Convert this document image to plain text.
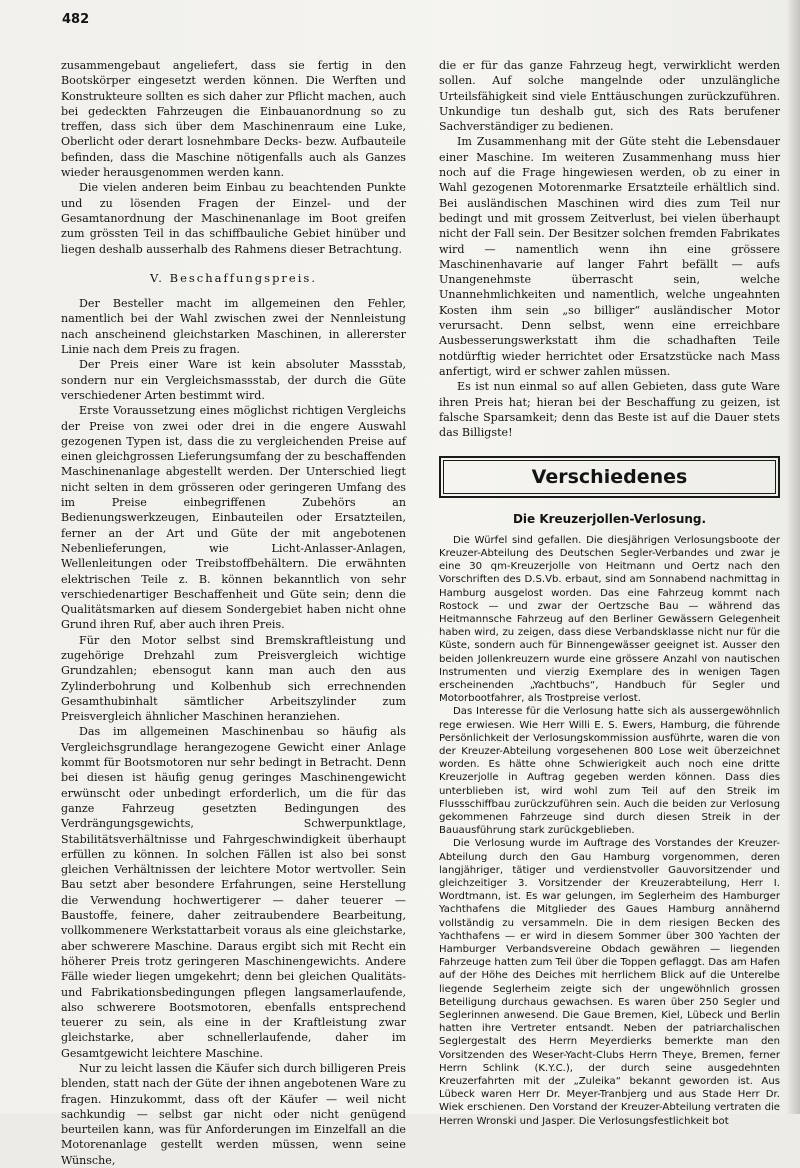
482

zusammengebaut angeliefert, dass sie fertig in den Bootskörper eingesetzt werden können. Die Werften und Konstrukteure sollten es sich daher zur Pflicht machen, auch bei gedeckten Fahrzeugen die Einbauanordnung so zu treffen, dass sich über dem Maschinenraum eine Luke, Oberlicht oder derart losnehmbare Decks- bezw. Aufbauteile befinden, dass die Maschine nötigenfalls auch als Ganzes wieder herausgenommen werden kann.

Die vielen anderen beim Einbau zu beachtenden Punkte und zu lösenden Fragen der Einzel- und der Gesamtanordnung der Maschinenanlage im Boot greifen zum grössten Teil in das schiffbauliche Gebiet hinüber und liegen deshalb ausserhalb des Rahmens dieser Betrachtung.

V. Beschaffungspreis.

Der Besteller macht im allgemeinen den Fehler, namentlich bei der Wahl zwischen zwei der Nennleistung nach anscheinend gleichstarken Maschinen, in allererster Linie nach dem Preis zu fragen.

Der Preis einer Ware ist kein absoluter Massstab, sondern nur ein Vergleichsmassstab, der durch die Güte verschiedener Arten bestimmt wird.

Erste Voraussetzung eines möglichst richtigen Vergleichs der Preise von zwei oder drei in die engere Auswahl gezogenen Typen ist, dass die zu vergleichenden Preise auf einen gleichgrossen Lieferungsumfang der zu beschaffenden Maschinenanlage abgestellt werden. Der Unterschied liegt nicht selten in dem grösseren oder geringeren Umfang des im Preise einbegriffenen Zubehörs an Bedienungswerkzeugen, Einbauteilen oder Ersatzteilen, ferner an der Art und Güte der mit angebotenen Nebenlieferungen, wie Licht-Anlasser-Anlagen, Wellenleitungen oder Treibstoffbehältern. Die erwähnten elektrischen Teile z. B. können bekanntlich von sehr verschiedenartiger Beschaffenheit und Güte sein; denn die Qualitätsmarken auf diesem Sondergebiet haben nicht ohne Grund ihren Ruf, aber auch ihren Preis.

Für den Motor selbst sind Bremskraftleistung und zugehörige Drehzahl zum Preisvergleich wichtige Grundzahlen; ebensogut kann man auch den aus Zylinderbohrung und Kolbenhub sich errechnenden Gesamthubinhalt sämtlicher Arbeitszylinder zum Preisvergleich ähnlicher Maschinen heranziehen.

Das im allgemeinen Maschinenbau so häufig als Vergleichsgrundlage herangezogene Gewicht einer Anlage kommt für Bootsmotoren nur sehr bedingt in Betracht. Denn bei diesen ist häufig genug geringes Maschinengewicht erwünscht oder unbedingt erforderlich, um die für das ganze Fahrzeug gesetzten Bedingungen des Verdrängungsgewichts, Schwerpunktlage, Stabilitätsverhältnisse und Fahrgeschwindigkeit überhaupt erfüllen zu können. In solchen Fällen ist also bei sonst gleichen Verhältnissen der leichtere Motor wertvoller. Sein Bau setzt aber besondere Erfahrungen, seine Herstellung die Verwendung hochwertigerer — daher teuerer — Baustoffe, feinere, daher zeitraubendere Bearbeitung, vollkommenere Werkstattarbeit voraus als eine gleichstarke, aber schwerere Maschine. Daraus ergibt sich mit Recht ein höherer Preis trotz geringeren Maschinengewichts. Andere Fälle wieder liegen umgekehrt; denn bei gleichen Qualitäts- und Fabrikationsbedingungen pflegen langsamerlaufende, also schwerere Bootsmotoren, ebenfalls entsprechend teuerer zu sein, als eine in der Kraftleistung zwar gleichstarke, aber schnellerlaufende, daher im Gesamtgewicht leichtere Maschine.

Nur zu leicht lassen die Käufer sich durch billigeren Preis blenden, statt nach der Güte der ihnen angebotenen Ware zu fragen. Hinzukommt, dass oft der Käufer — weil nicht sachkundig — selbst gar nicht oder nicht genügend beurteilen kann, was für Anforderungen im Einzelfall an die Motorenanlage gestellt werden müssen, wenn seine Wünsche,

die er für das ganze Fahrzeug hegt, verwirklicht werden sollen. Auf solche mangelnde oder unzulängliche Urteilsfähigkeit sind viele Enttäuschungen zurückzuführen. Unkundige tun deshalb gut, sich des Rats berufener Sachverständiger zu bedienen.

Im Zusammenhang mit der Güte steht die Lebensdauer einer Maschine. Im weiteren Zusammenhang muss hier noch auf die Frage hingewiesen werden, ob zu einer in Wahl gezogenen Motorenmarke Ersatzteile erhältlich sind. Bei ausländischen Maschinen wird dies zum Teil nur bedingt und mit grossem Zeitverlust, bei vielen überhaupt nicht der Fall sein. Der Besitzer solchen fremden Fabrikates wird — namentlich wenn ihn eine grössere Maschinenhavarie auf langer Fahrt befällt — aufs Unangenehmste überrascht sein, welche Unannehmlichkeiten und namentlich, welche ungeahnten Kosten ihm sein „so billiger“ ausländischer Motor verursacht. Denn selbst, wenn eine erreichbare Ausbesserungswerkstatt ihm die schadhaften Teile notdürftig wieder herrichtet oder Ersatzstücke nach Mass anfertigt, wird er schwer zahlen müssen.

Es ist nun einmal so auf allen Gebieten, dass gute Ware ihren Preis hat; hieran bei der Beschaffung zu geizen, ist falsche Sparsamkeit; denn das Beste ist auf die Dauer stets das Billigste!

Verschiedenes
Die Kreuzerjollen-Verlosung.

Die Würfel sind gefallen. Die diesjährigen Verlosungsboote der Kreuzer-Abteilung des Deutschen Segler-Verbandes und zwar je eine 30 qm-Kreuzerjolle von Heitmann und Oertz nach den Vorschriften des D.S.Vb. erbaut, sind am Sonnabend nachmittag in Hamburg ausgelost worden. Das eine Fahrzeug kommt nach Rostock — und zwar der Oertzsche Bau — während das Heitmannsche Fahrzeug auf den Berliner Gewässern Gelegenheit haben wird, zu zeigen, dass diese Verbandsklasse nicht nur für die Küste, sondern auch für Binnengewässer geeignet ist. Ausser den beiden Jollenkreuzern wurde eine grössere Anzahl von nautischen Instrumenten und vierzig Exemplare des in wenigen Tagen erscheinenden „Yachtbuchs“, Handbuch für Segler und Motorbootfahrer, als Trostpreise verlost.

Das Interesse für die Verlosung hatte sich als aussergewöhnlich rege erwiesen. Wie Herr Willi E. S. Ewers, Hamburg, die führende Persönlichkeit der Verlosungskommission ausführte, waren die von der Kreuzer-Abteilung vorgesehenen 800 Lose weit überzeichnet worden. Es hätte ohne Schwierigkeit auch noch eine dritte Kreuzerjolle in Auftrag gegeben werden können. Dass dies unterblieben ist, wird wohl zum Teil auf den Streik im Flussschiffbau zurückzuführen sein. Auch die beiden zur Verlosung gekommenen Fahrzeuge sind durch diesen Streik in der Bauausführung stark zurückgeblieben.

Die Verlosung wurde im Auftrage des Vorstandes der Kreuzer-Abteilung durch den Gau Hamburg vorgenommen, deren langjähriger, tätiger und verdienstvoller Gauvorsitzender und gleichzeitiger 3. Vorsitzender der Kreuzerabteilung, Herr I. Wordtmann, ist. Es war gelungen, im Seglerheim des Hamburger Yachthafens die Mitglieder des Gaues Hamburg annähernd vollständig zu versammeln. Die in dem riesigen Becken des Yachthafens — er wird in diesem Sommer über 300 Yachten der Hamburger Verbandsvereine Obdach gewähren — liegenden Fahrzeuge hatten zum Teil über die Toppen geflaggt. Das am Hafen auf der Höhe des Deiches mit herrlichem Blick auf die Unterelbe liegende Seglerheim zeigte sich der ungewöhnlich grossen Beteiligung durchaus gewachsen. Es waren über 250 Segler und Seglerinnen anwesend. Die Gaue Bremen, Kiel, Lübeck und Berlin hatten ihre Vertreter entsandt. Neben der patriarchalischen Seglergestalt des Herrn Meyerdierks bemerkte man den Vorsitzenden des Weser-Yacht-Clubs Herrn Theye, Bremen, ferner Herrn Schlink (K.Y.C.), der durch seine ausgedehnten Kreuzerfahrten mit der „Zuleika“ bekannt geworden ist. Aus Lübeck waren Herr Dr. Meyer-Tranbjerg und aus Stade Herr Dr. Wiek erschienen. Den Vorstand der Kreuzer-Abteilung vertraten die Herren Wronski und Jasper. Die Verlosungsfestlichkeit bot
